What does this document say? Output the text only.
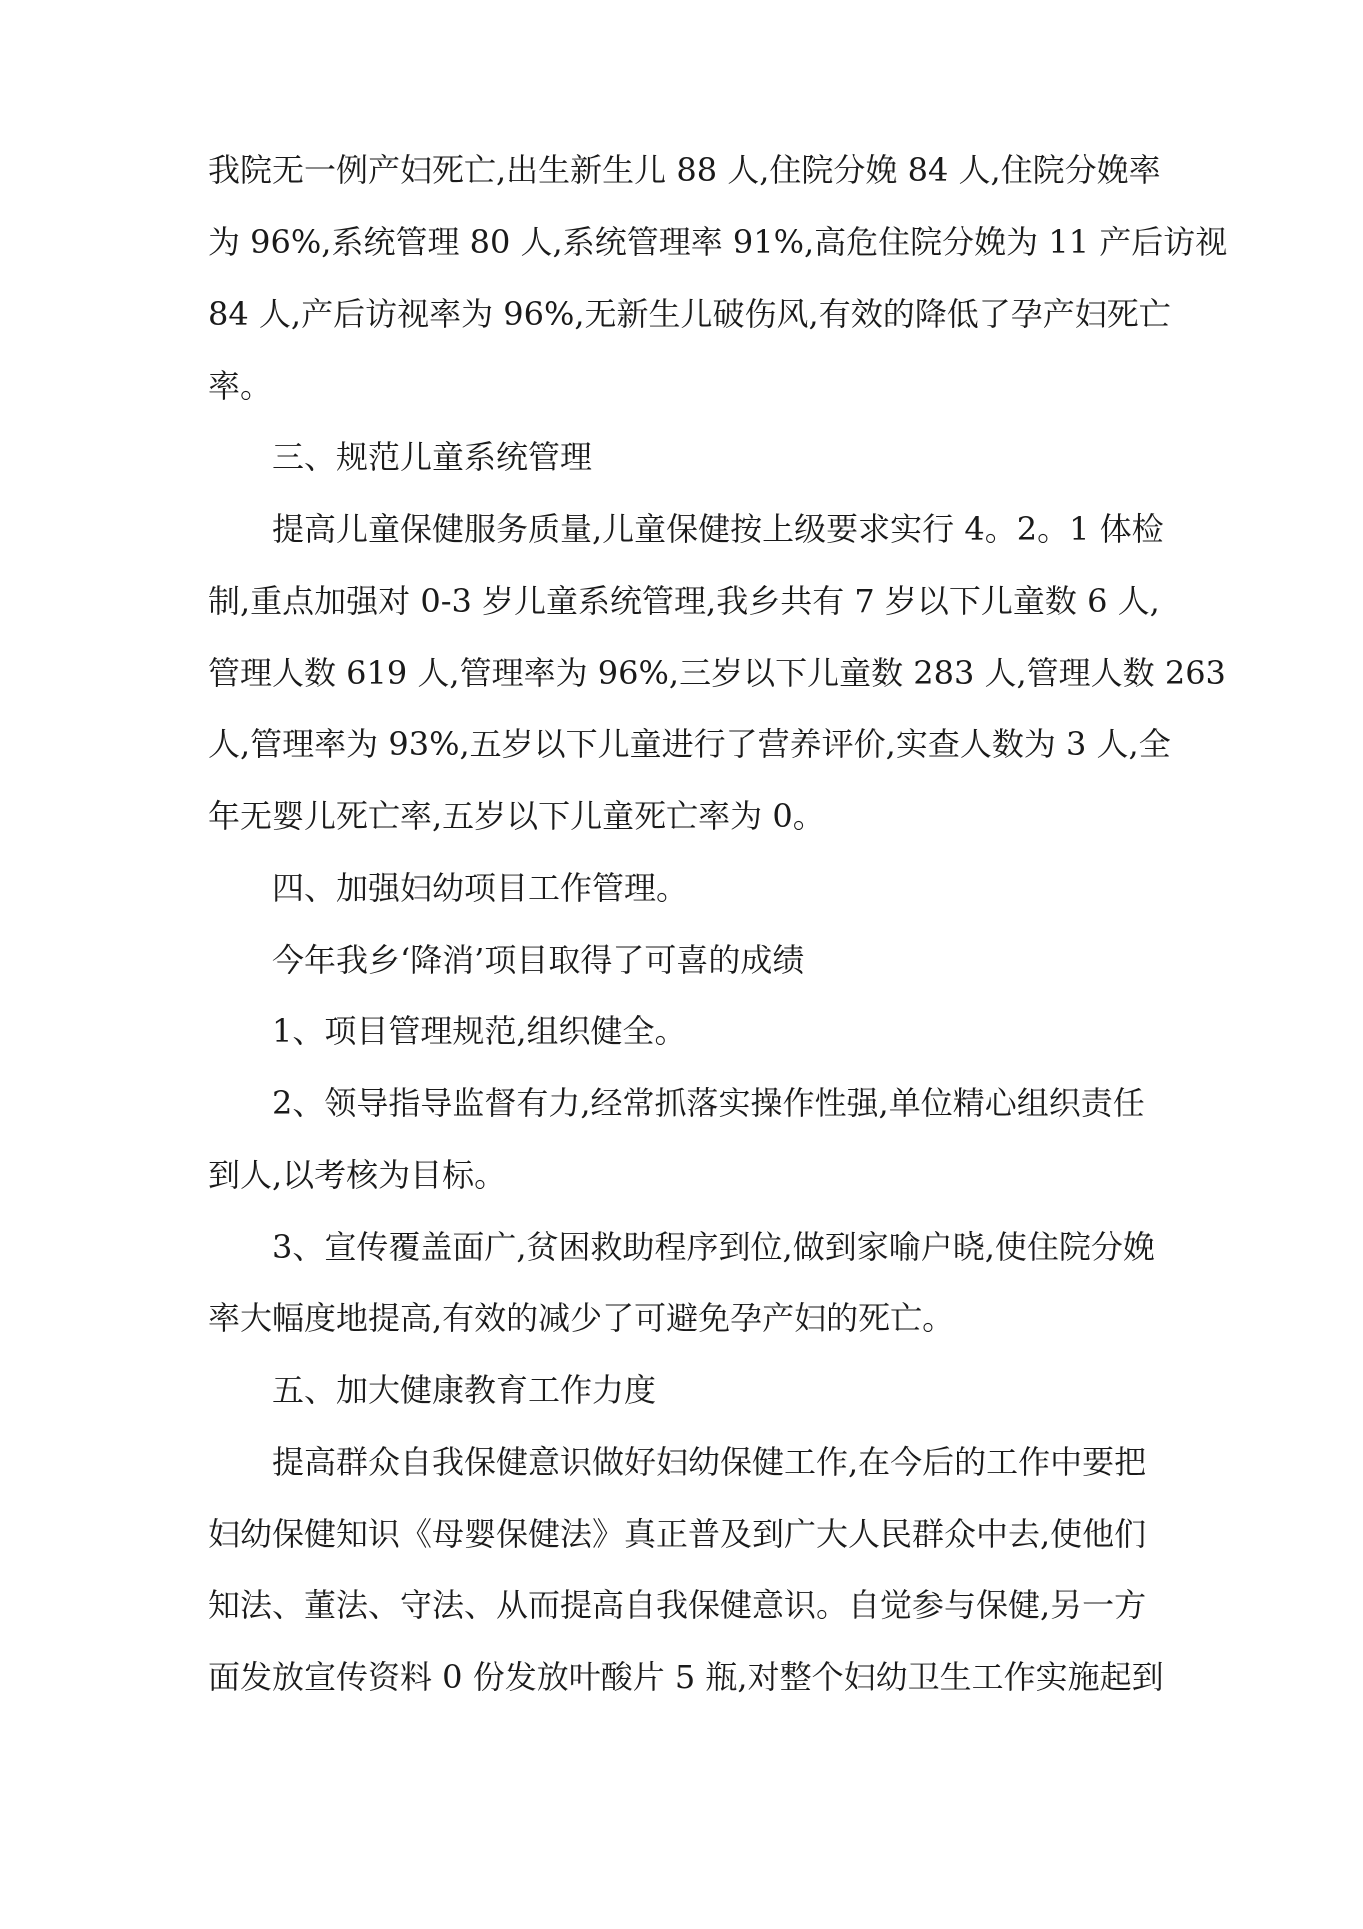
我院无一例产妇死亡,出生新生儿 88 人,住院分娩 84 人,住院分娩率
为 96%,系统管理 80 人,系统管理率 91%,高危住院分娩为 11 产后访视
84 人,产后访视率为 96%,无新生儿破伤风,有效的降低了孕产妇死亡
率。
三、规范儿童系统管理
提高儿童保健服务质量,儿童保健按上级要求实行 4。2。1 体检
制,重点加强对 0-3 岁儿童系统管理,我乡共有 7 岁以下儿童数 6 人,
管理人数 619 人,管理率为 96%,三岁以下儿童数 283 人,管理人数 263
人,管理率为 93%,五岁以下儿童进行了营养评价,实查人数为 3 人,全
年无婴儿死亡率,五岁以下儿童死亡率为 0。
四、加强妇幼项目工作管理。
今年我乡‘降消’项目取得了可喜的成绩
1、项目管理规范,组织健全。
2、领导指导监督有力,经常抓落实操作性强,单位精心组织责任
到人,以考核为目标。
3、宣传覆盖面广,贫困救助程序到位,做到家喻户晓,使住院分娩
率大幅度地提高,有效的减少了可避免孕产妇的死亡。
五、加大健康教育工作力度
提高群众自我保健意识做好妇幼保健工作,在今后的工作中要把
妇幼保健知识《母婴保健法》真正普及到广大人民群众中去,使他们
知法、董法、守法、从而提高自我保健意识。自觉参与保健,另一方
面发放宣传资料 0 份发放叶酸片 5 瓶,对整个妇幼卫生工作实施起到
